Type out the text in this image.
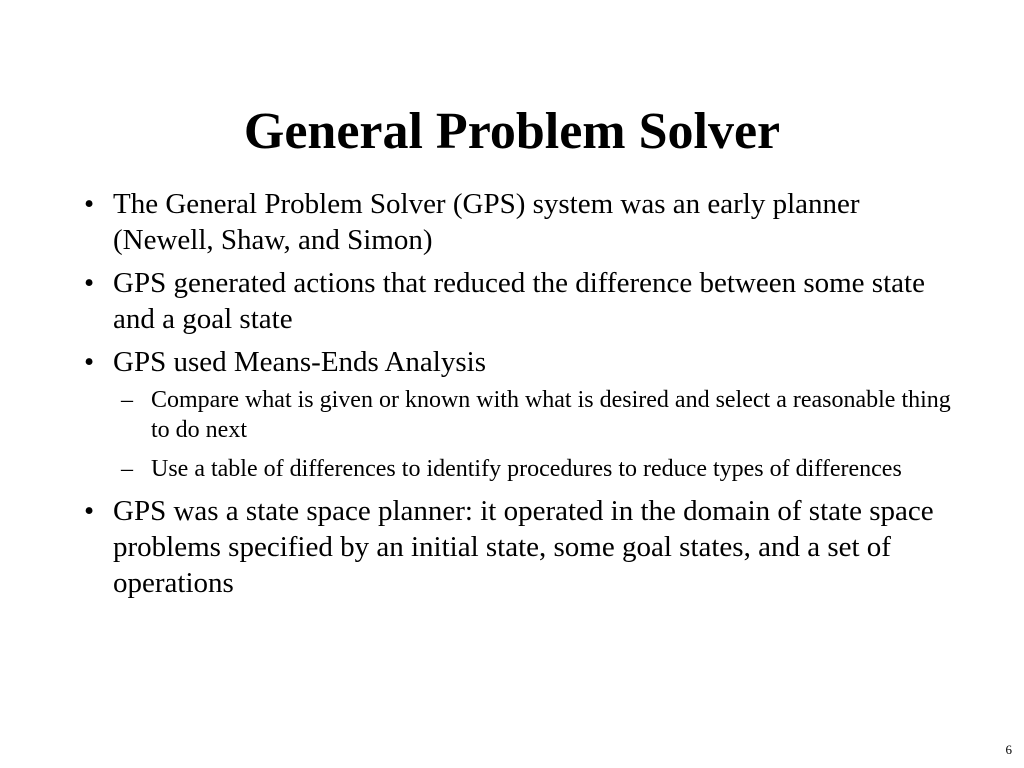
General Problem Solver
• The General Problem Solver (GPS) system was an early planner (Newell, Shaw, and Simon)
• GPS generated actions that reduced the difference between some state and a goal state
• GPS used Means-Ends Analysis
– Compare what is given or known with what is desired and select a reasonable thing to do next
– Use a table of differences to identify procedures to reduce types of differences
• GPS was a state space planner: it operated in the domain of state space problems specified by an initial state, some goal states, and a set of operations
6
